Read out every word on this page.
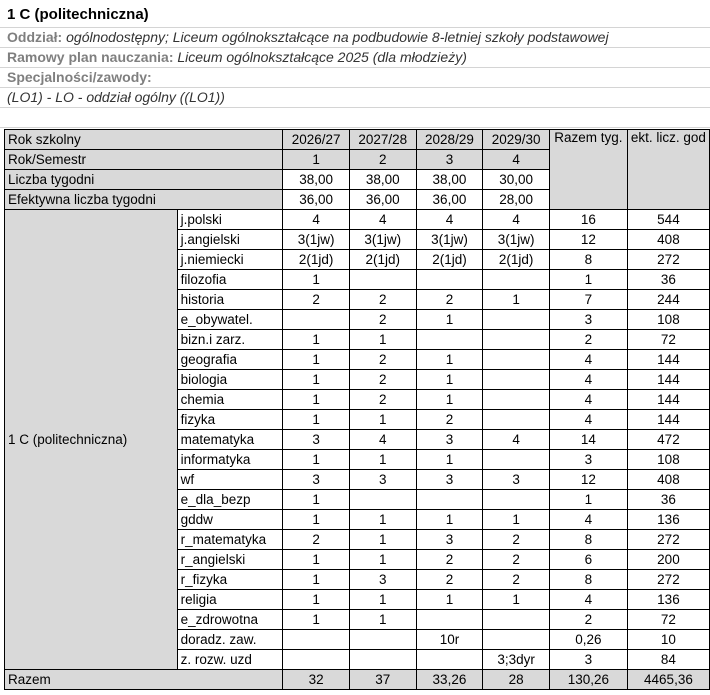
1 C (politechniczna)
Oddział: ogólnodostępny; Liceum ogólnokształcące na podbudowie 8-letniej szkoły podstawowej
Ramowy plan nauczania: Liceum ogólnokształcące 2025 (dla młodzieży)
Specjalności/zawody:
(LO1) - LO - oddział ogólny ((LO1))
Rok szkolny		2026/27	2027/28	2028/29	2029/30	Razem tyg.	ekt. licz. god
Rok/Semestr		1	2	3	4		
Liczba tygodni		38,00	38,00	38,00	30,00		
Efektywna liczba tygodni		36,00	36,00	36,00	28,00		
1 C (politechniczna)	j.polski	4	4	4	4	16	544
	j.angielski	3(1jw)	3(1jw)	3(1jw)	3(1jw)	12	408
	j.niemiecki	2(1jd)	2(1jd)	2(1jd)	2(1jd)	8	272
	filozofia	1				1	36
	historia	2	2	2	1	7	244
	e_obywatel.		2	1		3	108
	bizn.i zarz.	1	1			2	72
	geografia	1	2	1		4	144
	biologia	1	2	1		4	144
	chemia	1	2	1		4	144
	fizyka	1	1	2		4	144
	matematyka	3	4	3	4	14	472
	informatyka	1	1	1		3	108
	wf	3	3	3	3	12	408
	e_dla_bezp	1				1	36
	gddw	1	1	1	1	4	136
	r_matematyka	2	1	3	2	8	272
	r_angielski	1	1	2	2	6	200
	r_fizyka	1	3	2	2	8	272
	religia	1	1	1	1	4	136
	e_zdrowotna	1	1			2	72
	doradz. zaw.			10r		0,26	10
	z. rozw. uzd				3;3dyr	3	84
Razem		32	37	33,26	28	130,26	4465,36
